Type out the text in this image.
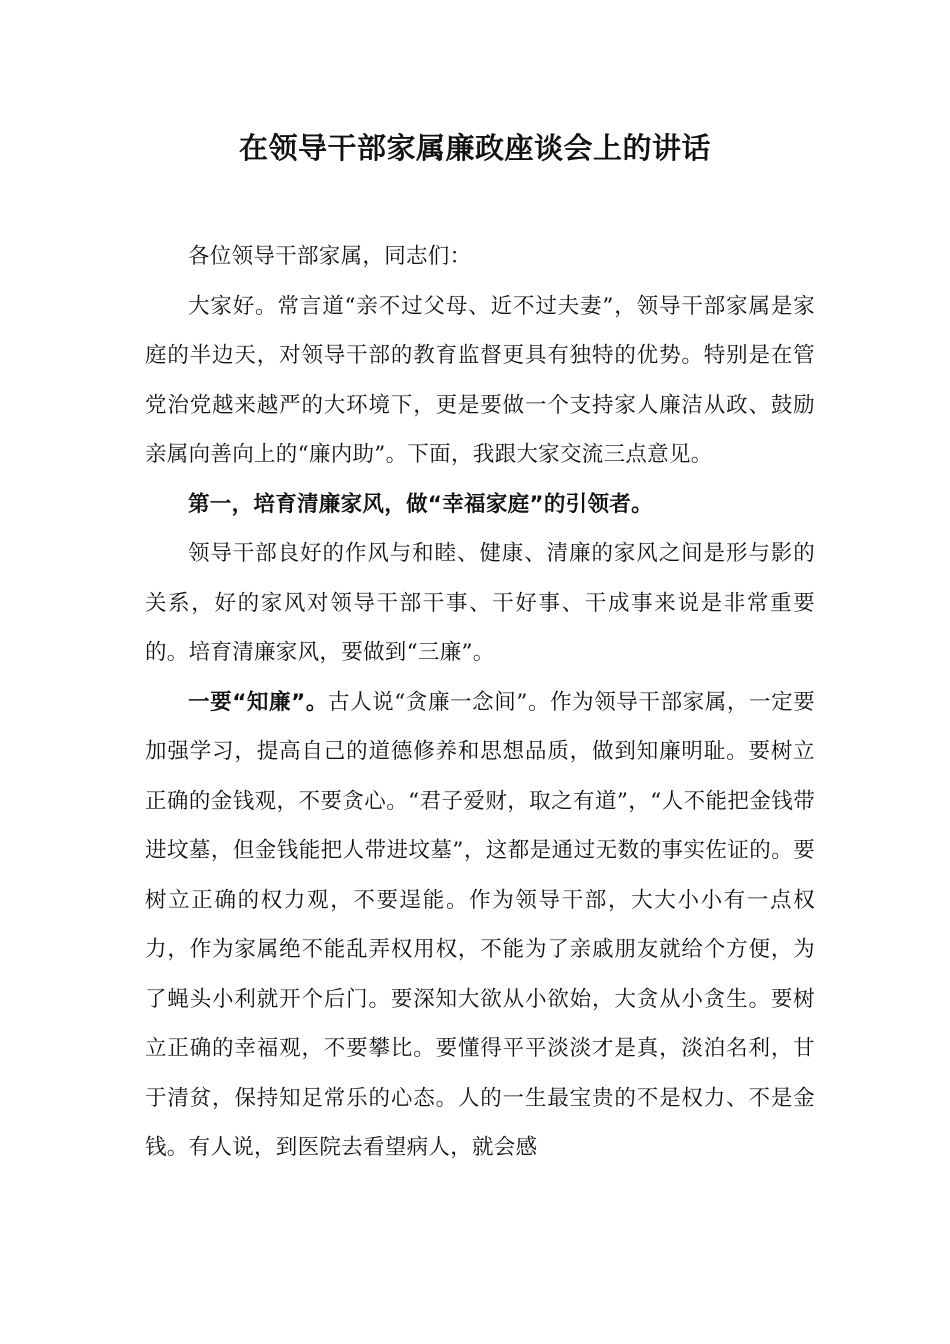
在领导干部家属廉政座谈会上的讲话

各位领导干部家属，同志们：

大家好。常言道“亲不过父母、近不过夫妻”，领导干部家属是家庭的半边天，对领导干部的教育监督更具有独特的优势。特别是在管党治党越来越严的大环境下，更是要做一个支持家人廉洁从政、鼓励亲属向善向上的“廉内助”。下面，我跟大家交流三点意见。

第一，培育清廉家风，做“幸福家庭”的引领者。

领导干部良好的作风与和睦、健康、清廉的家风之间是形与影的关系，好的家风对领导干部干事、干好事、干成事来说是非常重要的。培育清廉家风，要做到“三廉”。

一要“知廉”。古人说“贪廉一念间”。作为领导干部家属，一定要加强学习，提高自己的道德修养和思想品质，做到知廉明耻。要树立正确的金钱观，不要贪心。“君子爱财，取之有道”，“人不能把金钱带进坟墓，但金钱能把人带进坟墓”，这都是通过无数的事实佐证的。要树立正确的权力观，不要逞能。作为领导干部，大大小小有一点权力，作为家属绝不能乱弄权用权，不能为了亲戚朋友就给个方便，为了蝇头小利就开个后门。要深知大欲从小欲始，大贪从小贪生。要树立正确的幸福观，不要攀比。要懂得平平淡淡才是真，淡泊名利，甘于清贫，保持知足常乐的心态。人的一生最宝贵的不是权力、不是金钱。有人说，到医院去看望病人，就会感
